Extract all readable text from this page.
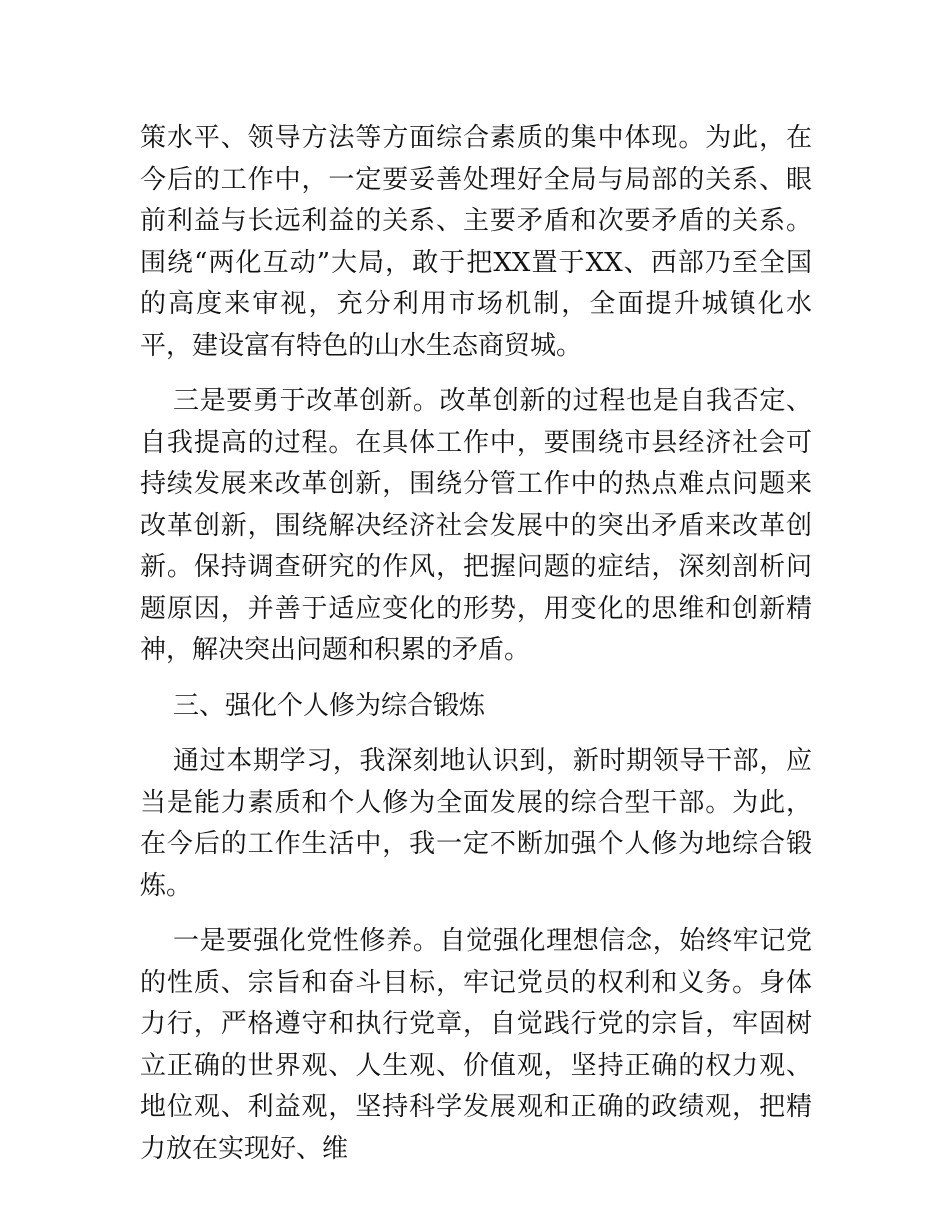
策水平、领导方法等方面综合素质的集中体现。为此，在今后的工作中，一定要妥善处理好全局与局部的关系、眼前利益与长远利益的关系、主要矛盾和次要矛盾的关系。围绕“两化互动”大局，敢于把XX置于XX、西部乃至全国的高度来审视，充分利用市场机制，全面提升城镇化水平，建设富有特色的山水生态商贸城。

三是要勇于改革创新。改革创新的过程也是自我否定、自我提高的过程。在具体工作中，要围绕市县经济社会可持续发展来改革创新，围绕分管工作中的热点难点问题来改革创新，围绕解决经济社会发展中的突出矛盾来改革创新。保持调查研究的作风，把握问题的症结，深刻剖析问题原因，并善于适应变化的形势，用变化的思维和创新精神，解决突出问题和积累的矛盾。

三、强化个人修为综合锻炼

通过本期学习，我深刻地认识到，新时期领导干部，应当是能力素质和个人修为全面发展的综合型干部。为此，在今后的工作生活中，我一定不断加强个人修为地综合锻炼。

一是要强化党性修养。自觉强化理想信念，始终牢记党的性质、宗旨和奋斗目标，牢记党员的权利和义务。身体力行，严格遵守和执行党章，自觉践行党的宗旨，牢固树立正确的世界观、人生观、价值观，坚持正确的权力观、地位观、利益观，坚持科学发展观和正确的政绩观，把精力放在实现好、维
